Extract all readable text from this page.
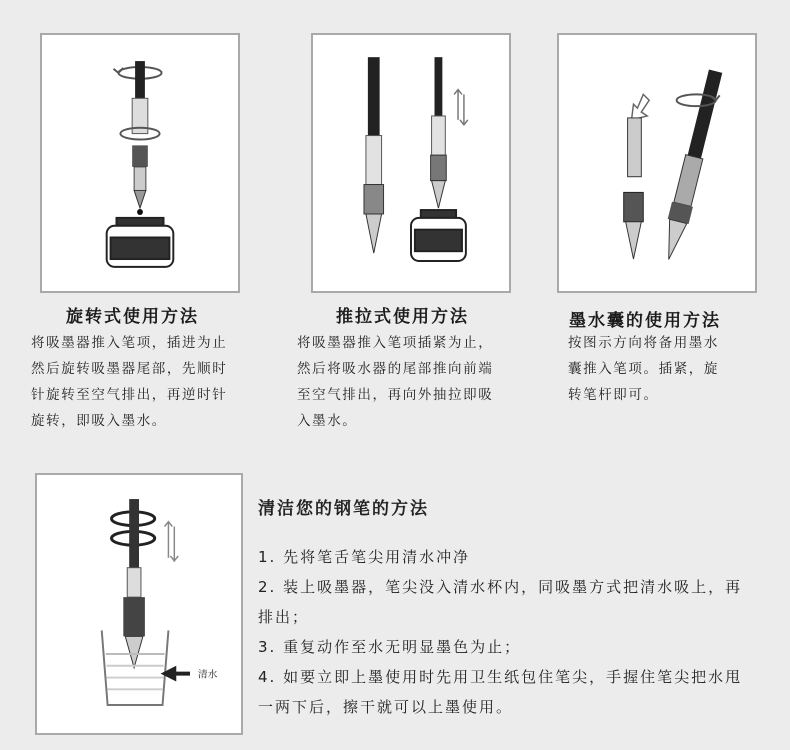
旋转式使用方法
将吸墨器推入笔项，插进为止
然后旋转吸墨器尾部，先顺时
针旋转至空气排出，再逆时针
旋转，即吸入墨水。
推拉式使用方法
将吸墨器推入笔项插紧为止，
然后将吸水器的尾部推向前端
至空气排出，再向外抽拉即吸
入墨水。
墨水囊的使用方法
按图示方向将备用墨水
囊推入笔项。插紧，旋
转笔杆即可。
清水
清洁您的钢笔的方法
1. 先将笔舌笔尖用清水冲净
2. 装上吸墨器，笔尖没入清水杯内，同吸墨方式把清水吸上，再排出；
3. 重复动作至水无明显墨色为止；
4. 如要立即上墨使用时先用卫生纸包住笔尖，手握住笔尖把水甩一两下后，擦干就可以上墨使用。
